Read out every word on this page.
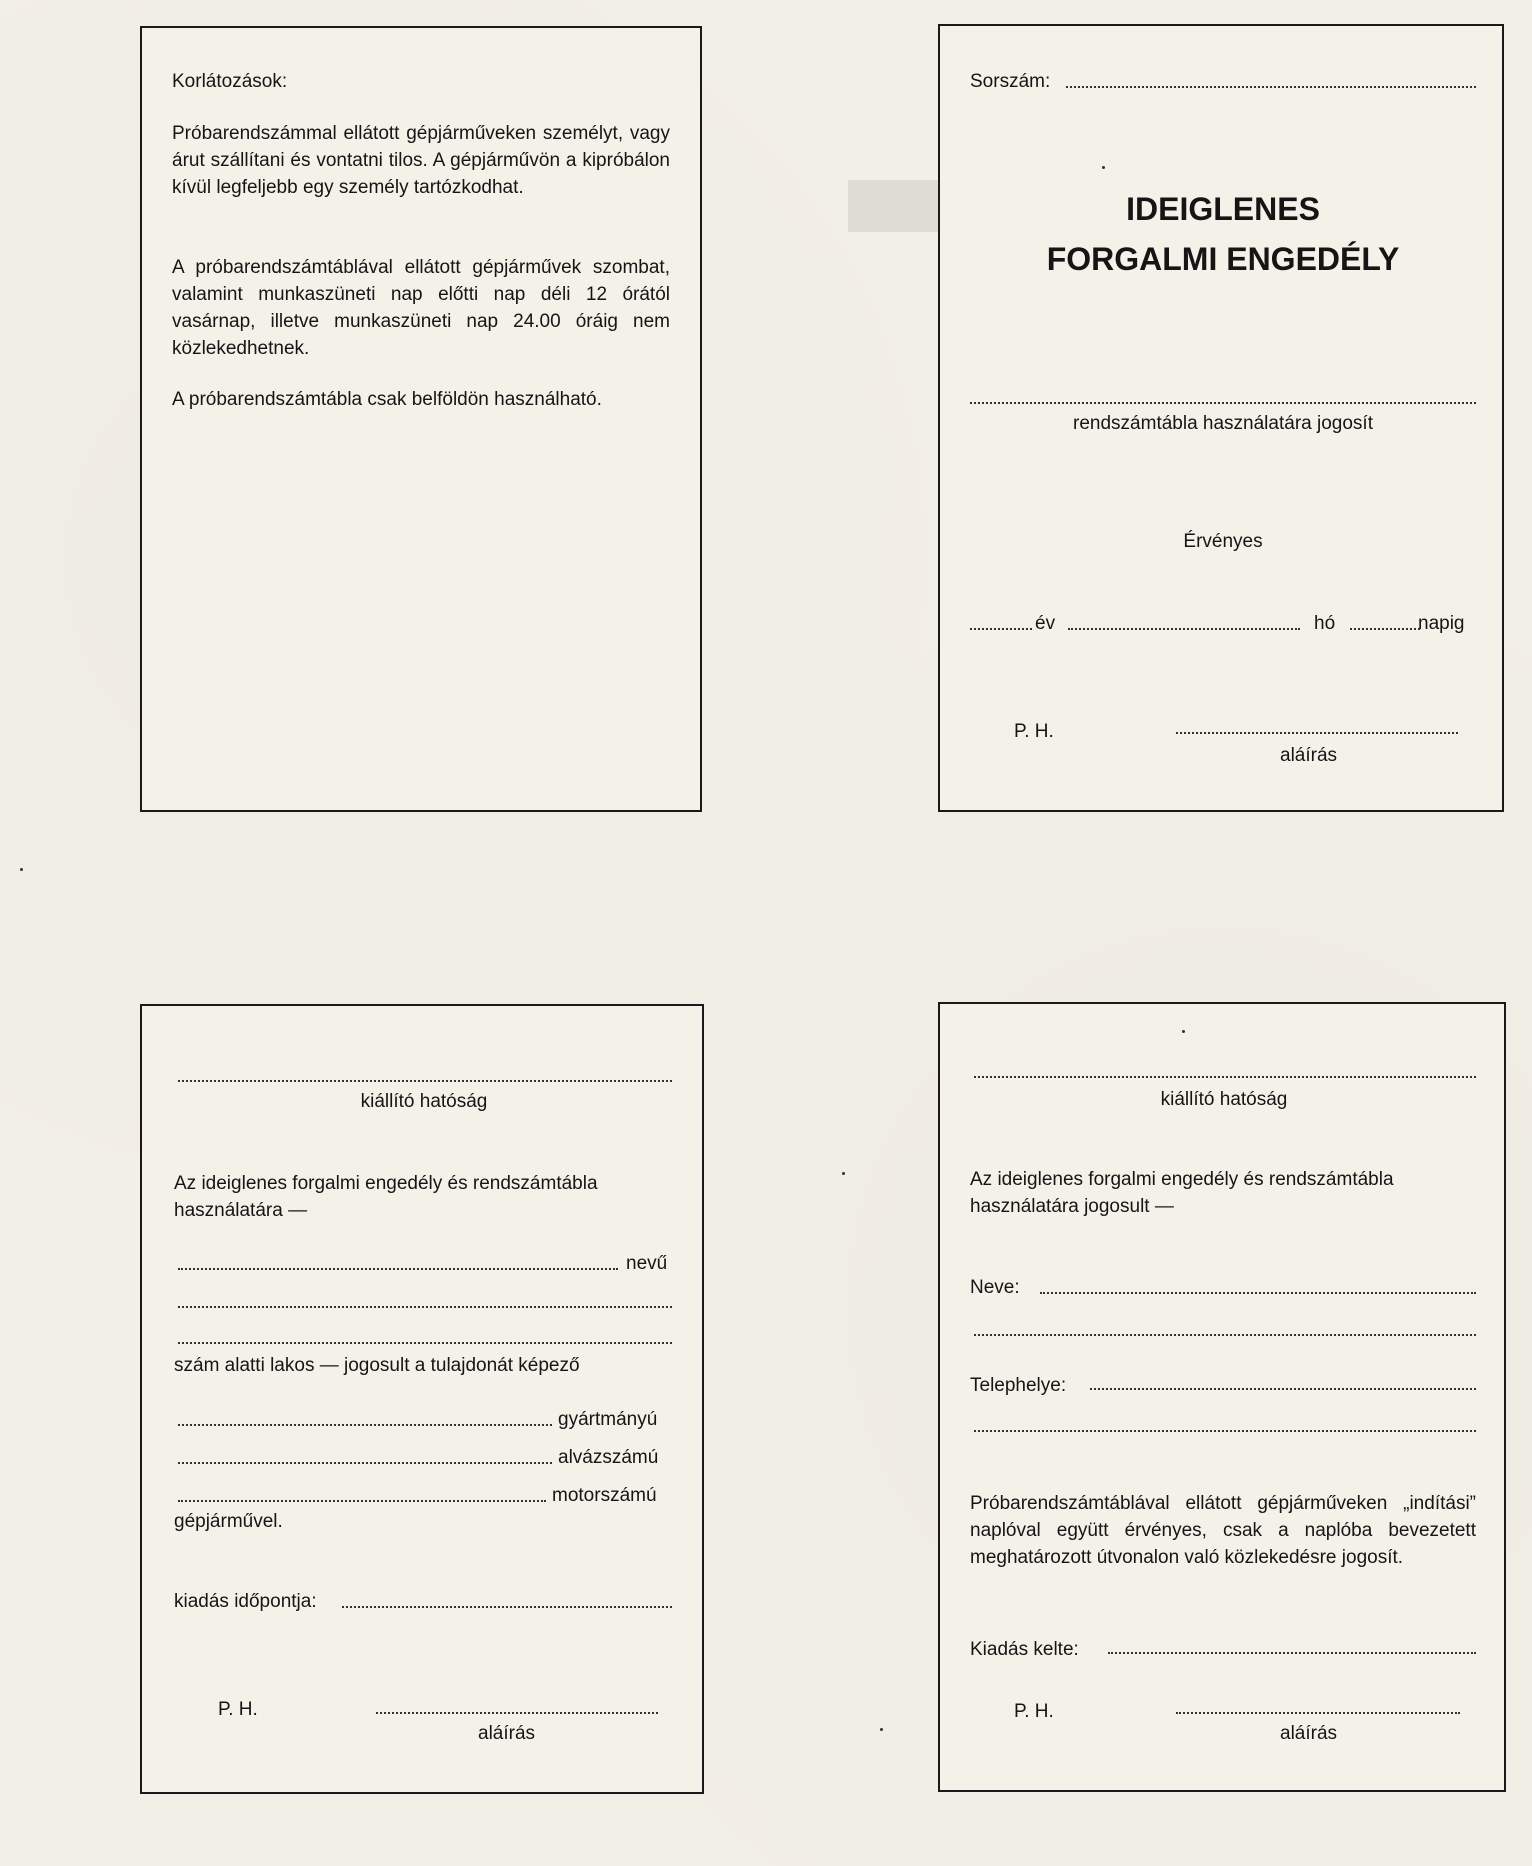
Korlátozások:
Próbarendszámmal ellátott gépjárműveken személyt, vagy árut szállítani és vontatni tilos. A gépjárművön a kipróbálon kívül legfeljebb egy személy tartózkodhat.
A próbarendszámtáblával ellátott gépjárművek szombat, valamint munkaszüneti nap előtti nap déli 12 órától vasárnap, illetve munkaszüneti nap 24.00 óráig nem közlekedhetnek.
A próbarendszámtábla csak belföldön használható.
Sorszám:
IDEIGLENES
FORGALMI ENGEDÉLY
rendszámtábla használatára jogosít
Érvényes
év	hó	napig
P. H.
aláírás
kiállító hatóság
Az ideiglenes forgalmi engedély és rendszámtábla használatára —
nevű
szám alatti lakos — jogosult a tulajdonát képező
gyártmányú
alvázszámú
motorszámú
gépjárművel.
kiadás időpontja:
P. H.
aláírás
kiállító hatóság
Az ideiglenes forgalmi engedély és rendszámtábla használatára jogosult —
Neve:
Telephelye:
Próbarendszámtáblával ellátott gépjárműveken „indítási” naplóval együtt érvényes, csak a naplóba bevezetett meghatározott útvonalon való közlekedésre jogosít.
Kiadás kelte:
P. H.
aláírás
